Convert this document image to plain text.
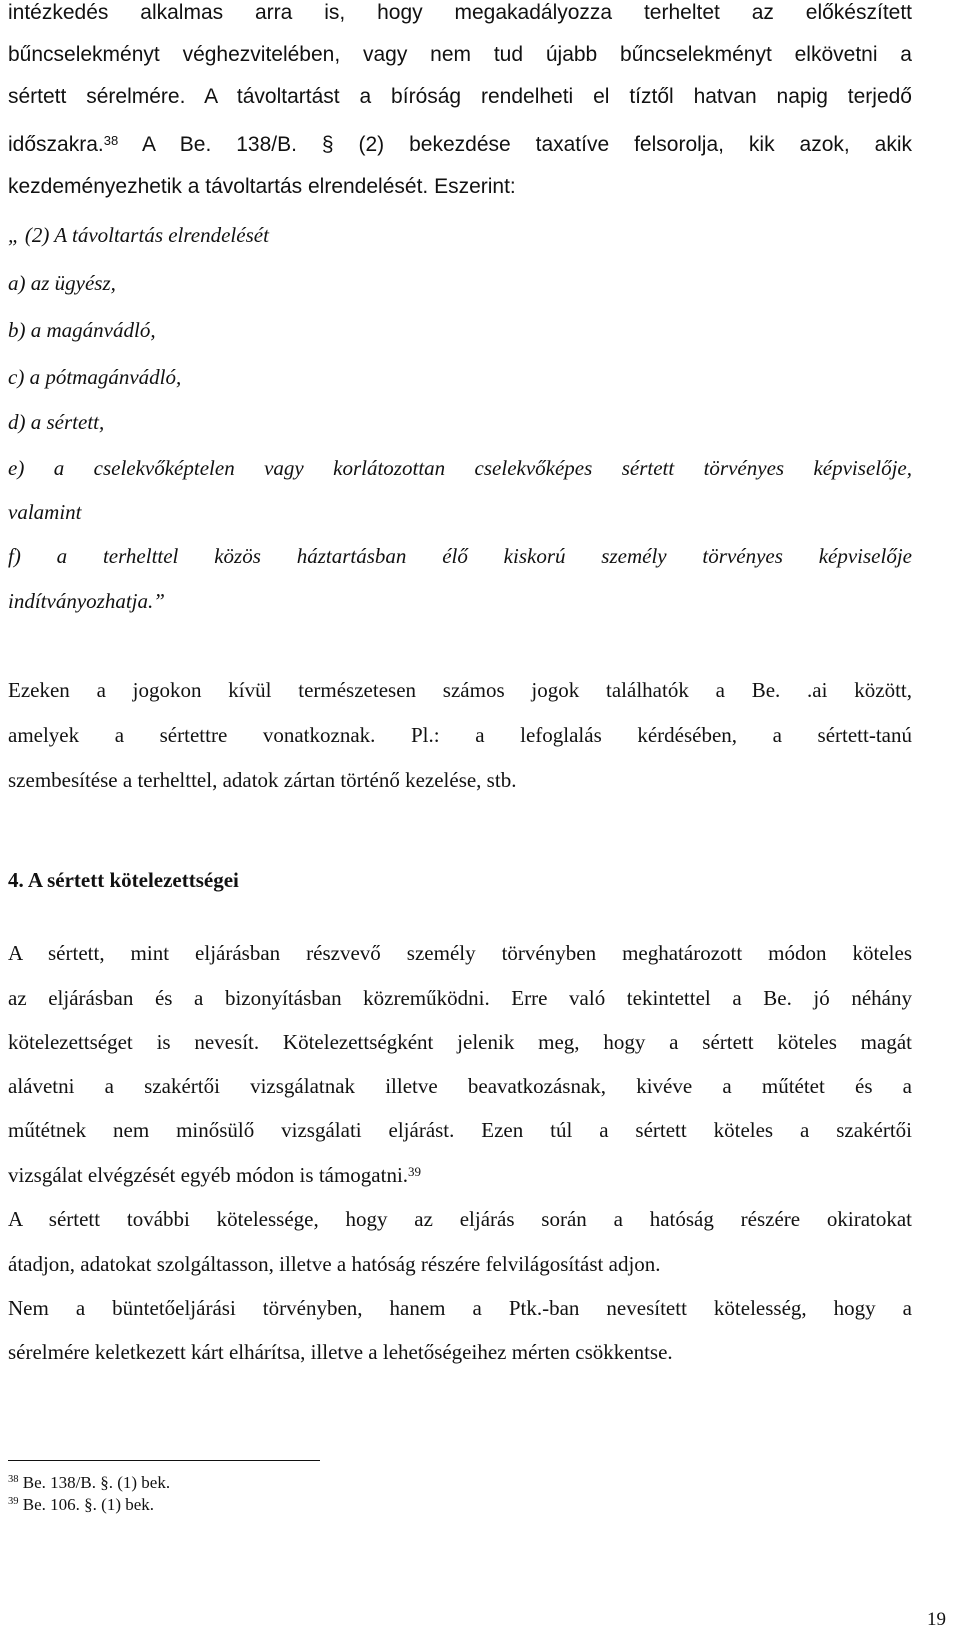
intézkedés alkalmas arra is, hogy megakadályozza terheltet az előkészített
bűncselekményt véghezvitelében, vagy nem tud újabb bűncselekményt elkövetni a
sértett sérelmére. A távoltartást a bíróság rendelheti el tíztől hatvan napig terjedő
időszakra.$^{38}$ A Be. 138/B. § (2) bekezdése taxatíve felsorolja, kik azok, akik
kezdeményezhetik a távoltartás elrendelését. Eszerint:
„ (2) A távoltartás elrendelését
a) az ügyész,
b) a magánvádló,
c) a pótmagánvádló,
d) a sértett,
e) a cselekvőképtelen vagy korlátozottan cselekvőképes sértett törvényes képviselője,
valamint
f) a terhelttel közös háztartásban élő kiskorú személy törvényes képviselője
indítványozhatja.”
Ezeken a jogokon kívül természetesen számos jogok találhatók a Be. .ai között,
amelyek a sértettre vonatkoznak. Pl.: a lefoglalás kérdésében, a sértett-tanú
szembesítése a terhelttel, adatok zártan történő kezelése, stb.
4. A sértett kötelezettségei
A sértett, mint eljárásban részvevő személy törvényben meghatározott módon köteles
az eljárásban és a bizonyításban közreműködni. Erre való tekintettel a Be. jó néhány
kötelezettséget is nevesít. Kötelezettségként jelenik meg, hogy a sértett köteles magát
alávetni a szakértői vizsgálatnak illetve beavatkozásnak, kivéve a műtétet és a
műtétnek nem minősülő vizsgálati eljárást. Ezen túl a sértett köteles a szakértői
vizsgálat elvégzését egyéb módon is támogatni.$^{39}$
A sértett további kötelessége, hogy az eljárás során a hatóság részére okiratokat
átadjon, adatokat szolgáltasson, illetve a hatóság részére felvilágosítást adjon.
Nem a büntetőeljárási törvényben, hanem a Ptk.-ban nevesített kötelesség, hogy a
sérelmére keletkezett kárt elhárítsa, illetve a lehetőségeihez mérten csökkentse.
$^{38}$ Be. 138/B. §. (1) bek.
$^{39}$ Be. 106. §. (1) bek.
19
